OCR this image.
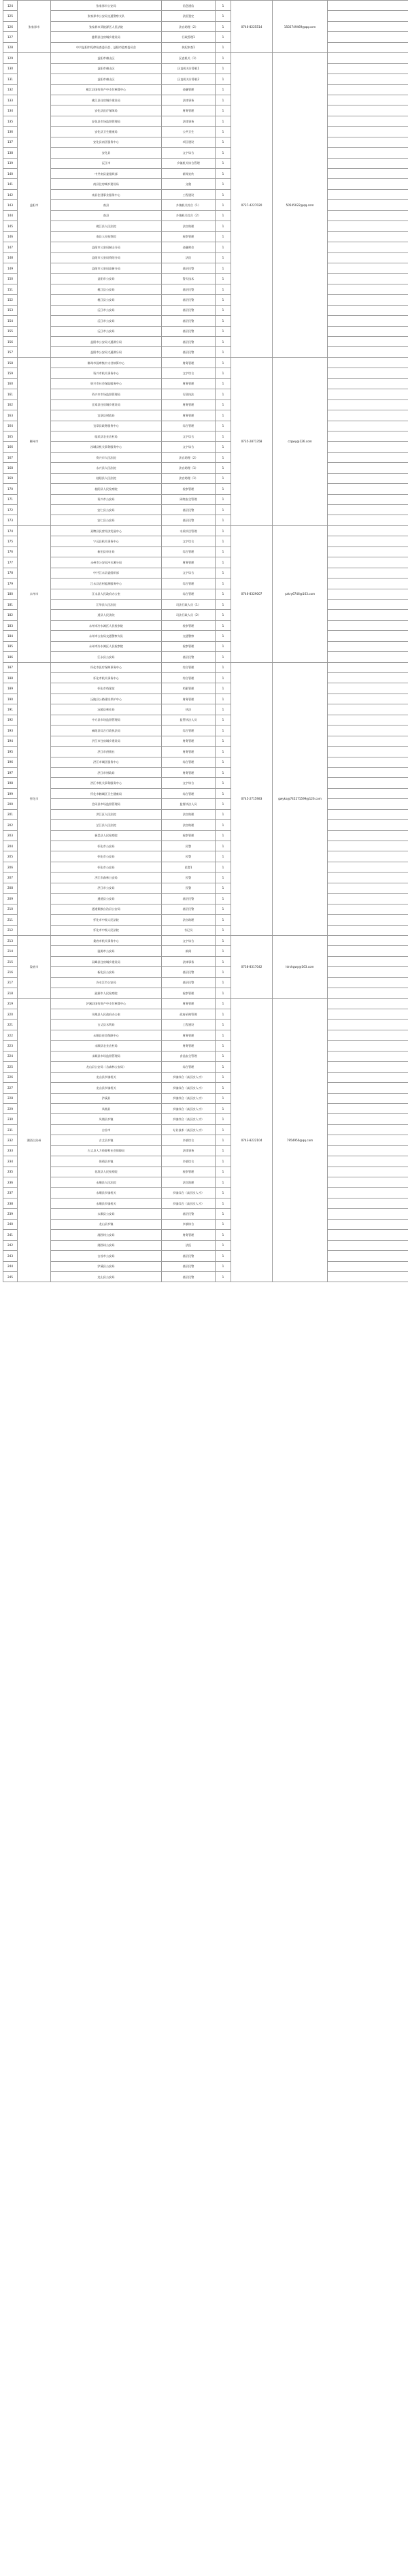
124	张家界市	张家界市公安局	信息通信	1	0746-8225514	1502749469@qq.com	
125		张家界市公安局交通警察支队	法医鉴定	1			
126		张家界市武陵源区人民法院	法官助理（2）	1			
127		慈利县住房城乡建设局	行政管理1	1			
128		中共益阳市纪律检查委员会、益阳市监察委员会	执纪审查1	1			
129	益阳市	益阳市赫山区	区直机关（1）	1	0737-4227020	50545022@qq.com	
130		益阳市赫山区	区直机关计算机1	1			
131		益阳市赫山区	区直机关计算机2	1			
132		桃江县国有资产中支付核算中心	金融管理	1			
133		桃江县住房城乡建设局	法律事务	1			
134		安化县医疗保障局	财务管理	1			
135		安化县市场监督管理局	法律事务	1			
136		安化县卫生健康局	公共卫生	1			
137		安化县南区服务中心	项目建设	1			
138		安化县	文字综合	1			
139		沅江市	乡镇机关综合管理	1			
140		中共南县委组织部	新闻宣传	1			
141		南县住房城乡建设局	文秘	1			
142		南县住建事业服务中心	工程建设	1			
143		南县	乡镇机关综合（1）	1			
144		南县	乡镇机关综合（2）	1			
145		桃江县人民法院	法官助理	1			
146		南县人民检察院	检察管理	1			
147		益阳市公安局赫山分局	金融财会	1			
148		益阳市公安局资阳分局	法医	1			
149		益阳市公安局高新分局	基层民警	1			
150		益阳市公安局	警犬技术	1			
151		桃江县公安局	基层民警	1			
152		桃江县公安局	基层民警	1			
153		沅江市公安局	基层民警	1			
154		沅江市公安局	基层民警	1			
155		沅江市公安局	基层民警	1			
156		益阳市公安局大通湖分局	基层民警	1			
157		益阳市公安局大通湖分局	基层民警	1			
158	郴州市	郴州市国库集中支付核算中心	财务管理	1	0735-2871358	czgwy@126.com	
159		资兴市机关事务中心	文字综合	1			
160		资兴市社会保险服务中心	财务管理	1			
161		资兴市市场监督管理局	行政执法	1			
162		宜章县住房城乡建设局	财务管理	1			
163		宜章县财政局	财务管理	1			
164		宜章县政务服务中心	综合管理	1			
165		临武县农业农村局	文字综合	1			
166		汝城县机关事务服务中心	文字综合	1			
167		资兴市人民法院	法官助理（2）	1			
168		永兴县人民法院	法官助理（1）	1			
169		桂阳县人民法院	法官助理（1）	1			
170		桂阳县人民检察院	检察管理	1			
171		资兴市公安局	网络安全管理	1			
172		安仁县公安局	基层民警	1			
173		安仁县公安局	基层民警	1			
174	永州市	双牌县民营经济发展中心	水质项目管理	1	0746-8329007	yzkry6746@163.com	
175		宁远县机关事务中心	文字综合	1			
176		新田县审计局	综合管理	1			
177		永州市公安局冷水滩分局	财务管理	1			
178		中共江永县委组织部	文字综合	1			
179		江永县农村能源服务中心	综合管理	1			
180		江永县人民政府办公室	综合管理	1			
181		江华县人民法院	司法行政人员（1）	1			
182		道县人民法院	司法行政人员（2）	1			
183		永州市冷水滩区人民检察院	检察管理	1			
184		永州市公安局交通警察支队	交通警察	1			
185		永州市冷水滩区人民检察院	检察管理	1			
186		江永县公安局	基层民警	1			
187	怀化市	怀化市医疗保障事务中心	综合管理	1	0745-2715983	gwyks@745271599@126.com	
188		怀化市机关事务中心	综合管理	1			
189		怀化市档案馆	档案管理	1			
190		沅陵县公路建设养护中心	财务管理	1			
191		沅陵县林业局	执法	1			
192		中方县市场监督管理局	监管执法人员	1			
193		麻阳县综合行政执法局	综合管理	1			
194		洪江市住房城乡建设局	财务管理	1			
195		洪江市供销社	财务管理	1			
196		洪江市城区服务中心	综合管理	1			
197		洪江市财政局	财务管理	1			
198		洪江市机关事务服务中心	文字综合	1			
199		怀化市鹤城区卫生健康局	综合管理	1			
200		会同县市场监督管理局	监督执法人员	1			
201		洪江区人民法院	法官助理	1			
202		芷江县人民法院	法官助理	1			
203		新晃县人民检察院	检察管理	1			
204		怀化市公安局	民警	1			
205		怀化市公安局	民警	1			
206		怀化市公安局	民警1	1			
207		洪江市森林公安局	民警	1			
208		洪江市公安局	民警	1			
209		通道县公安局	基层民警	1			
210		通道侗族自治县公安局	基层民警	1			
211		怀化市中级人民法院	法官助理	1			
212		怀化市中级人民法院	书记员	1			
213	娄底市	娄底市机关事务中心	文字综合	1	0738-8317042	ldrshgwy@163.com	
214		涟源市公安局	新闻	1			
215		双峰县住房城乡建设局	法律事务	1			
216		新化县公安局	基层民警	1			
217		冷水江市公安局	基层民警	1			
218		涟源市人民检察院	检察管理	1			
219	湘西自治州	泸溪县国有资产中支付核算中心	财务管理	1	0743-8222104	7954950@qq.com	
220		凤凰县人民政府办公室	政府采购管理	1			
221		古丈县水利局	工程建设	1			
222		永顺县住房保障中心	财务管理	1			
223		永顺县农业农村局	财务管理	1			
224		永顺县市场监督管理局	食品安全管理	1			
225		龙山县公安局（含森林公安局）	综合管理	1			
226		龙山县乡镇机关	乡镇综合（高层次人才）	1			
227		龙山县乡镇机关	乡镇综合（高层次人才）	1			
228		泸溪县	乡镇综合（高层次人才）	1			
229		凤凰县	乡镇综合（高层次人才）	1			
230		凤凰县乡镇	乡镇综合（高层次人才）	1			
231		吉首市	专业技术（高层次人才）	1			
232		古丈县乡镇	乡镇综合	1			
233		古丈县人力资源和社会保障局	法律事务	1			
234		保靖县乡镇	乡镇综合	1			
235		花垣县人民检察院	检察管理	1			
236		永顺县人民法院	法官助理	1			
237		永顺县乡镇机关	乡镇综合（高层次人才）	1			
238		永顺县乡镇机关	乡镇综合（高层次人才）	1			
239		永顺县公安局	基层民警	1			
240		龙山县乡镇	乡镇综合	1			
241		湘西州公安局	财务管理	1			
242		湘西州公安局	法医	1			
243		吉首市公安局	基层民警	1			
244		泸溪县公安局	基层民警	1			
245		龙山县公安局	基层民警	1			
